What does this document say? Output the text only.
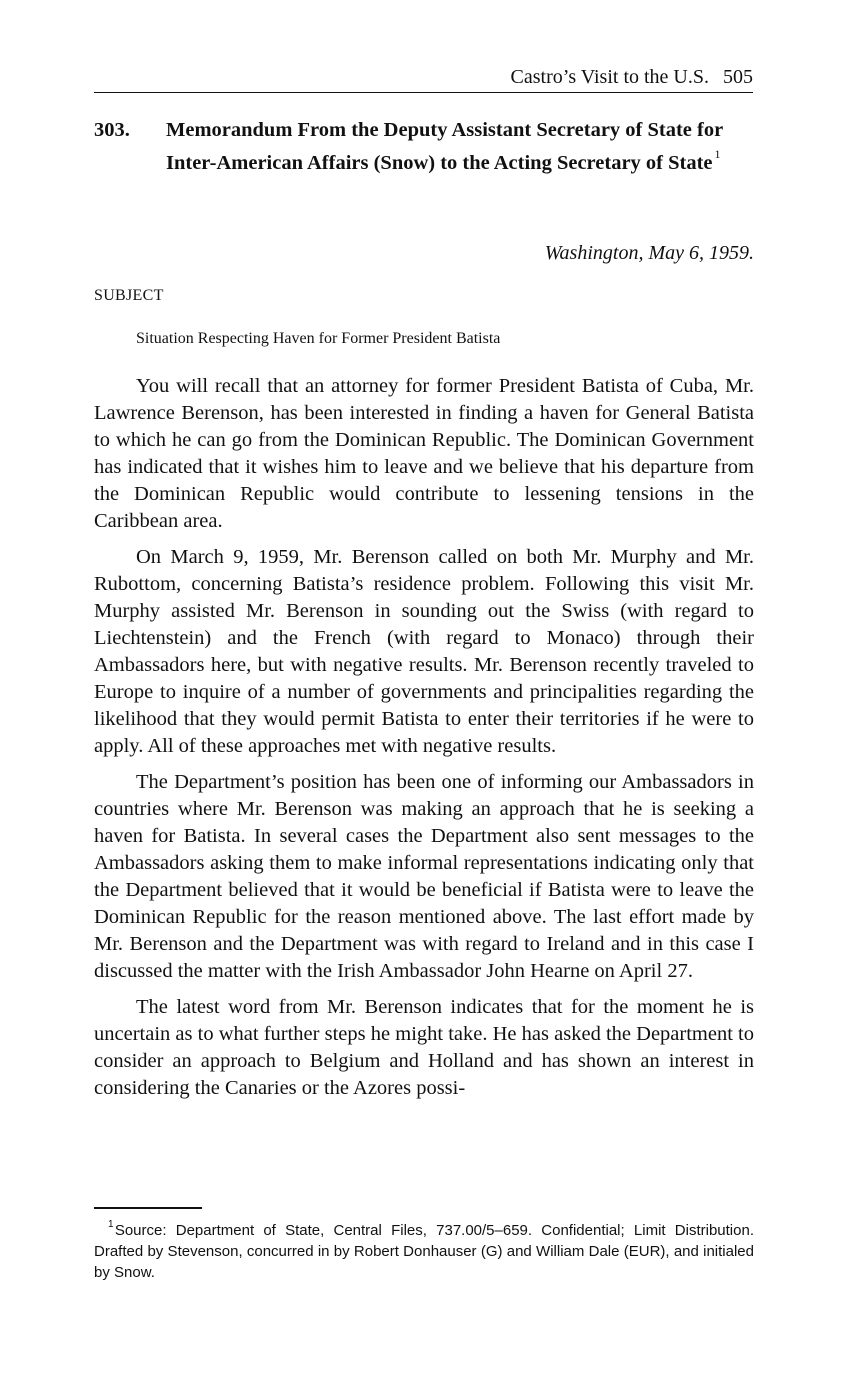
Castro’s Visit to the U.S. 505
303. Memorandum From the Deputy Assistant Secretary of State for Inter-American Affairs (Snow) to the Acting Secretary of State $^1$
Washington, May 6, 1959.
SUBJECT
Situation Respecting Haven for Former President Batista

You will recall that an attorney for former President Batista of Cuba, Mr. Lawrence Berenson, has been interested in finding a haven for General Batista to which he can go from the Dominican Republic. The Dominican Government has indicated that it wishes him to leave and we believe that his departure from the Dominican Republic would contribute to lessening tensions in the Caribbean area.

On March 9, 1959, Mr. Berenson called on both Mr. Murphy and Mr. Rubottom, concerning Batista’s residence problem. Following this visit Mr. Murphy assisted Mr. Berenson in sounding out the Swiss (with regard to Liechtenstein) and the French (with regard to Monaco) through their Ambassadors here, but with negative results. Mr. Berenson recently traveled to Europe to inquire of a number of governments and principalities regarding the likelihood that they would permit Batista to enter their territories if he were to apply. All of these approaches met with negative results.

The Department’s position has been one of informing our Ambassadors in countries where Mr. Berenson was making an approach that he is seeking a haven for Batista. In several cases the Department also sent messages to the Ambassadors asking them to make informal representations indicating only that the Department believed that it would be beneficial if Batista were to leave the Dominican Republic for the reason mentioned above. The last effort made by Mr. Berenson and the Department was with regard to Ireland and in this case I discussed the matter with the Irish Ambassador John Hearne on April 27.

The latest word from Mr. Berenson indicates that for the moment he is uncertain as to what further steps he might take. He has asked the Department to consider an approach to Belgium and Holland and has shown an interest in considering the Canaries or the Azores possi-

$^1$ Source: Department of State, Central Files, 737.00/5–659. Confidential; Limit Distribution. Drafted by Stevenson, concurred in by Robert Donhauser (G) and William Dale (EUR), and initialed by Snow.
